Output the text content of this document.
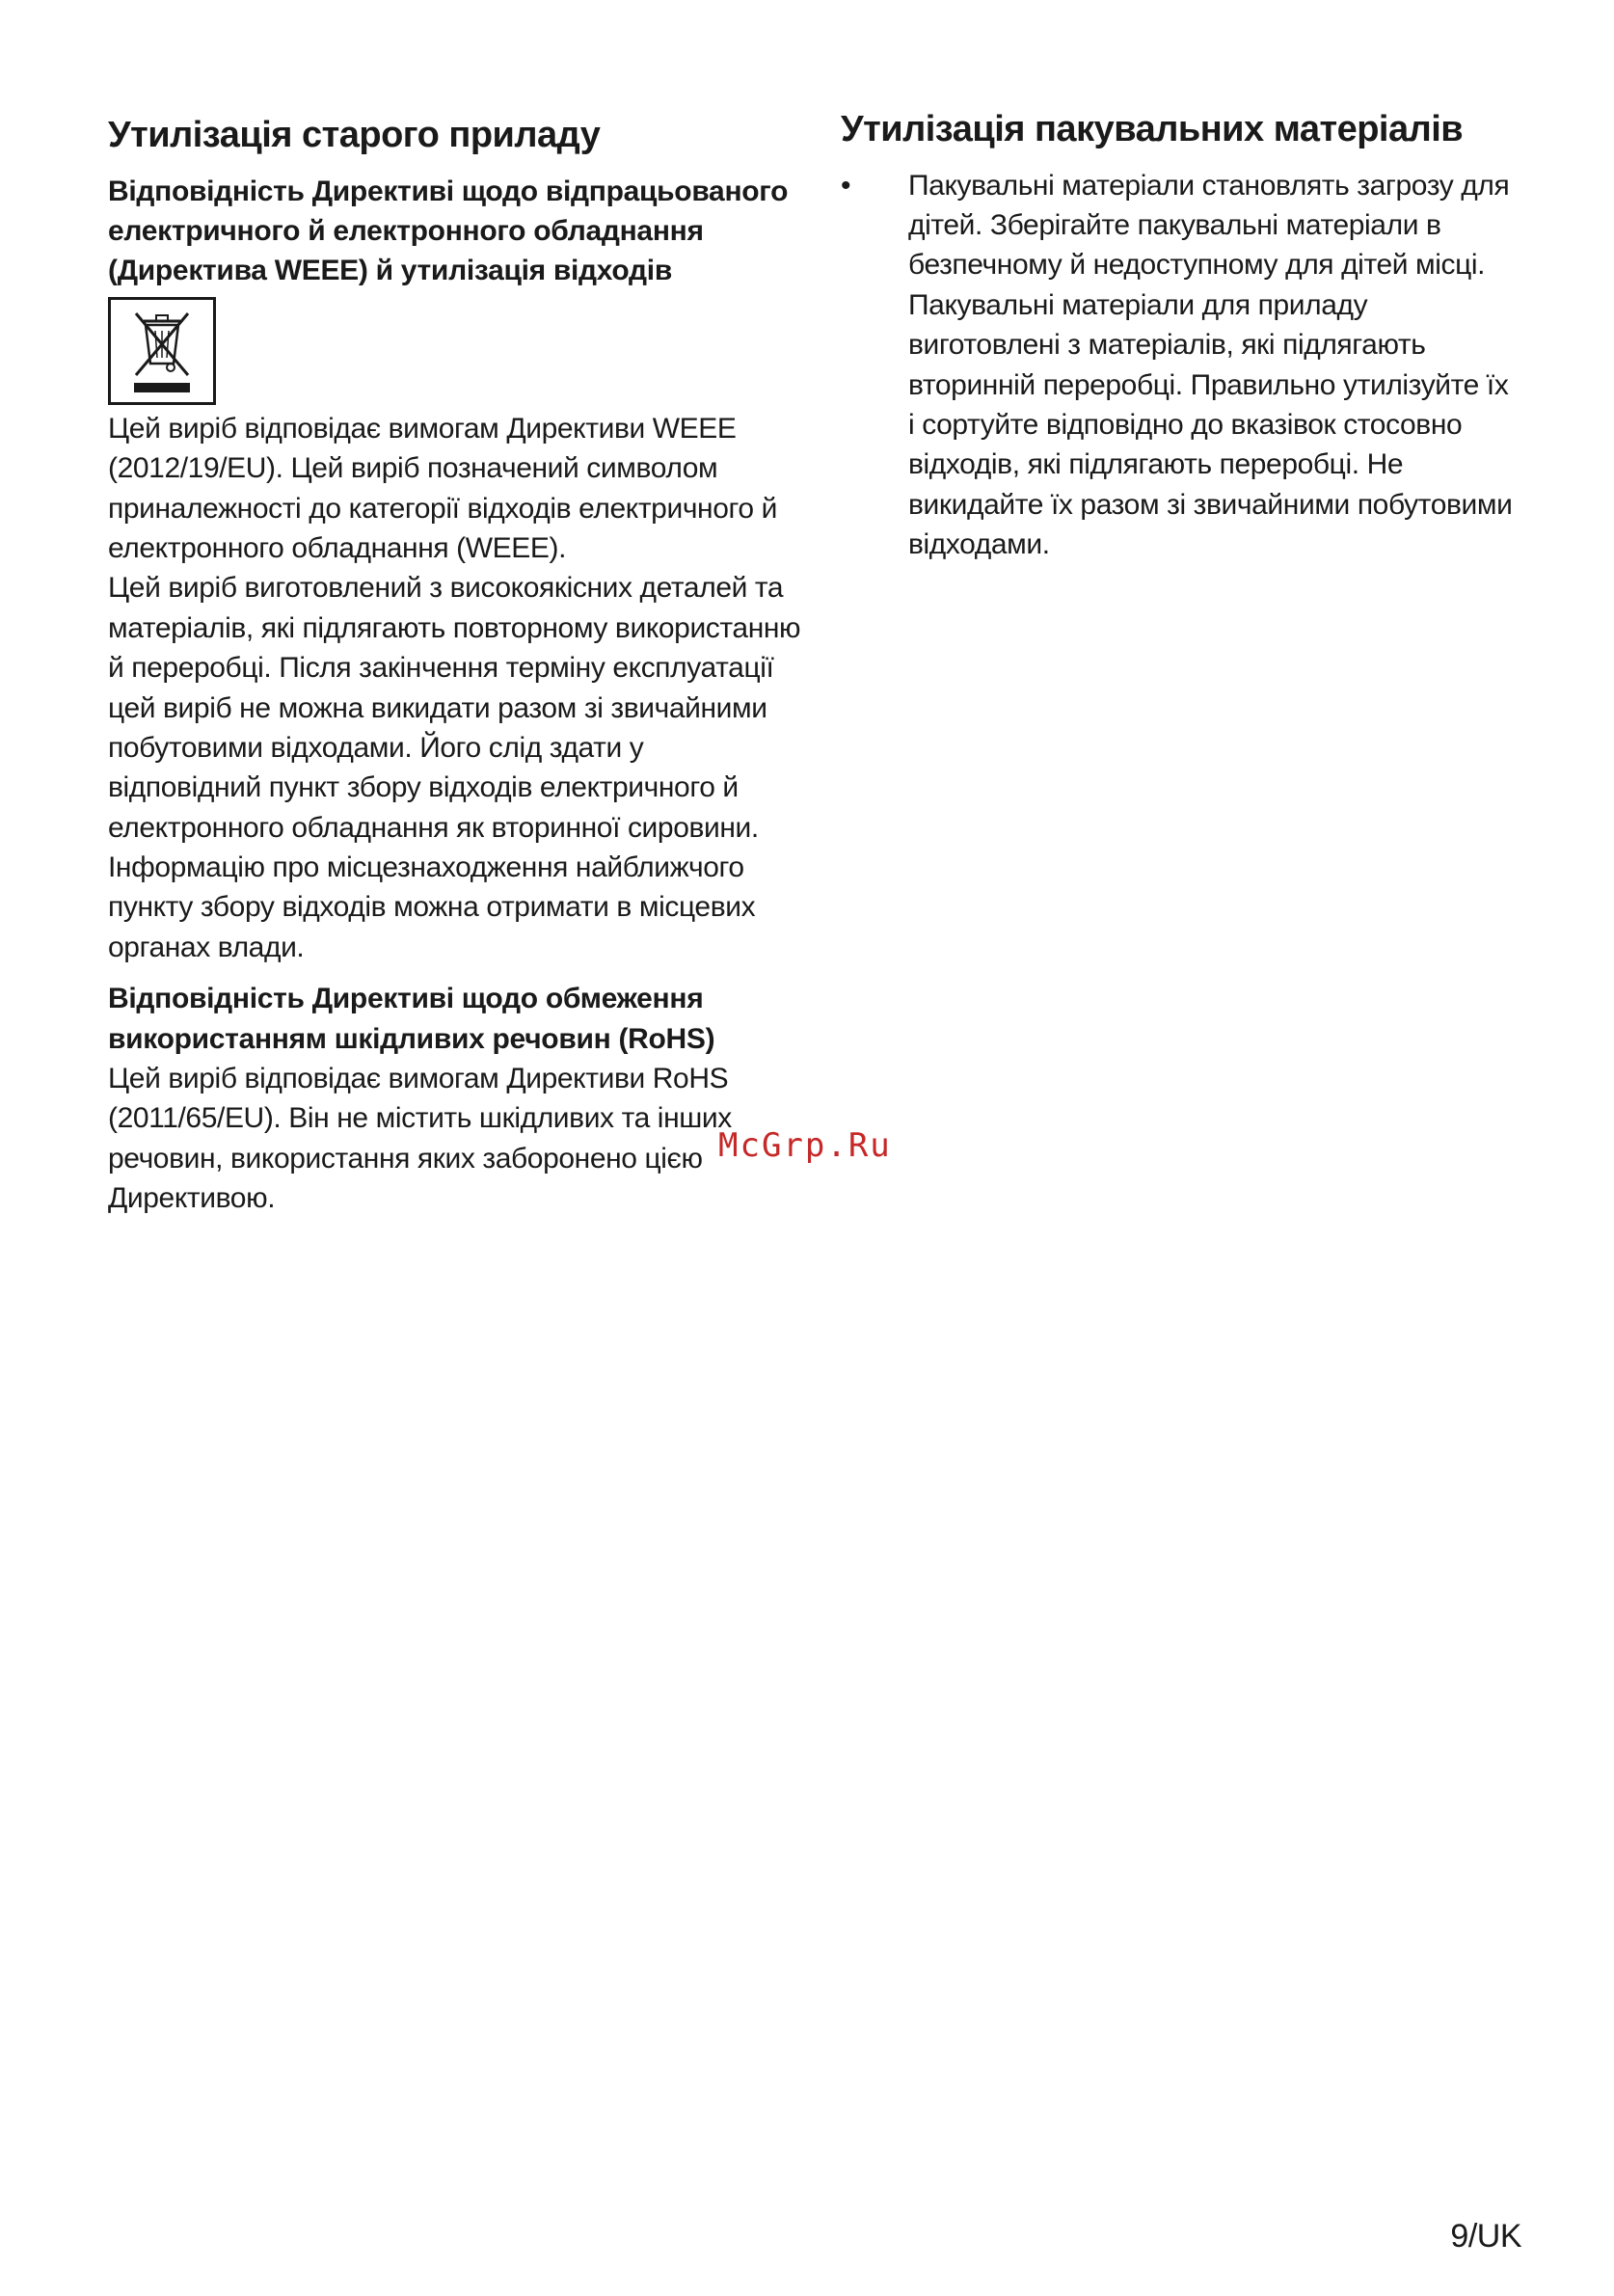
Утилізація старого приладу
Відповідність Директиві щодо відпрацьованого електричного й електронного обладнання (Директива WEEE) й утилізація відходів

Цей виріб відповідає вимогам Директиви WEEE (2012/19/EU). Цей виріб позначений символом приналежності до категорії відходів електричного й електронного обладнання (WEEE).

Цей виріб виготовлений з високоякісних деталей та матеріалів, які підлягають повторному використанню й переробці. Після закінчення терміну експлуатації цей виріб не можна викидати разом зі звичайними побутовими відходами. Його слід здати у відповідний пункт збору відходів електричного й електронного обладнання як вторинної сировини. Інформацію про місцезнаходження найближчого пункту збору відходів можна отримати в місцевих органах влади.

Відповідність Директиві щодо обмеження використанням шкідливих речовин (RoHS)

Цей виріб відповідає вимогам Директиви RoHS (2011/65/EU). Він не містить шкідливих та інших речовин, використання яких заборонено цією Директивою.

Утилізація пакувальних матеріалів
•	Пакувальні матеріали становлять загрозу для дітей. Зберігайте пакувальні матеріали в безпечному й недоступному для дітей місці. Пакувальні матеріали для приладу виготовлені з матеріалів, які підлягають вторинній переробці. Правильно утилізуйте їх і сортуйте відповідно до вказівок стосовно відходів, які підлягають переробці. Не викидайте їх разом зі звичайними побутовими відходами.
McGrp.Ru
9/UK
